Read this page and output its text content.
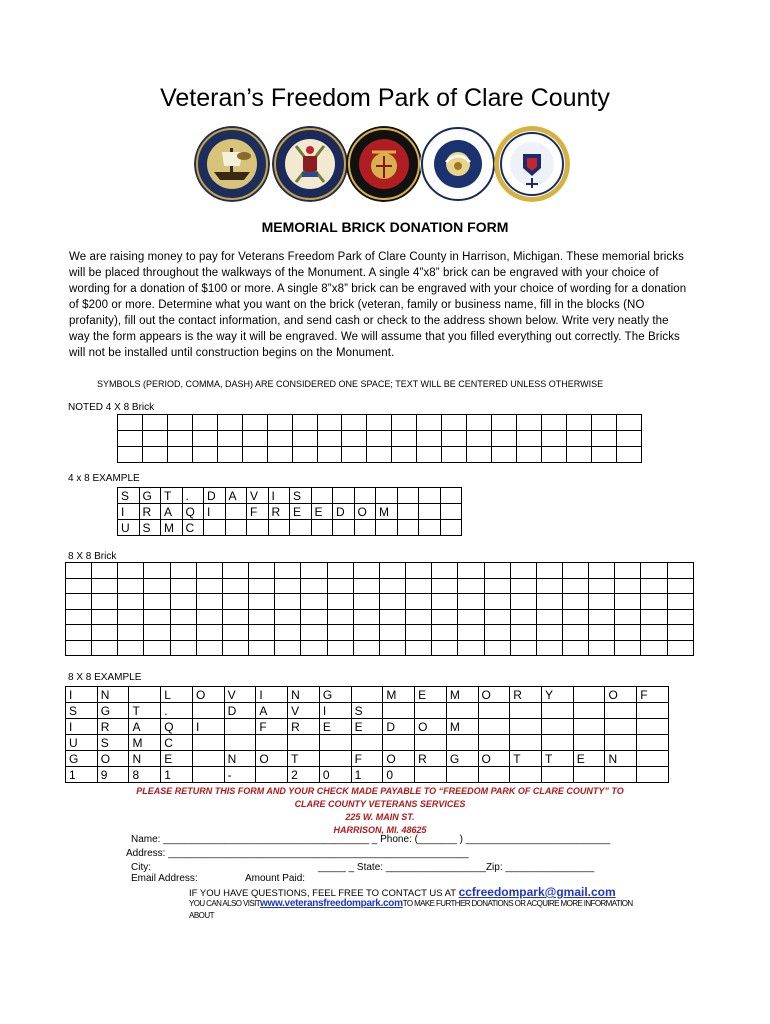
Veteran’s Freedom Park of Clare County
MEMORIAL BRICK DONATION FORM
We are raising money to pay for Veterans Freedom Park of Clare County in Harrison, Michigan. These memorial bricks will be placed throughout the walkways of the Monument. A single 4”x8” brick can be engraved with your choice of wording for a donation of $100 or more. A single 8”x8” brick can be engraved with your choice of wording for a donation of $200 or more. Determine what you want on the brick (veteran, family or business name, fill in the blocks (NO profanity), fill out the contact information, and send cash or check to the address shown below. Write very neatly the way the form appears is the way it will be engraved. We will assume that you filled everything out correctly. The Bricks will not be installed until construction begins on the Monument.
SYMBOLS (PERIOD, COMMA, DASH) ARE CONSIDERED ONE SPACE; TEXT WILL BE CENTERED UNLESS OTHERWISE
NOTED 4 X 8 Brick

4 x 8 EXAMPLE
S	G	T	.	D	A	V	I	S							
I	R	A	Q	I		F	R	E	E	D	O	M			
U	S	M	C												
8 X 8 Brick

8 X 8 EXAMPLE
I	N		L	O	V	I	N	G		M	E	M	O	R	Y		O	F
S	G	T	.		D	A	V	I	S									
I	R	A	Q	I		F	R	E	E	D	O	M						
U	S	M	C															
G	O	N	E		N	O	T		F	O	R	G	O	T	T	E	N	
1	9	8	1		-		2	0	1	0								
PLEASE RETURN THIS FORM AND YOUR CHECK MADE PAYABLE TO “FREEDOM PARK OF CLARE COUNTY” TO
CLARE COUNTY VETERANS SERVICES
225 W. MAIN ST.
HARRISON, MI. 48625
Name: _____________________________________ _ Phone: (_______ ) __________________________
Address: ______________________________________________________
City:	_____ _ State: __________________Zip: ________________
Email Address:	Amount Paid:
IF YOU HAVE QUESTIONS, FEEL FREE TO CONTACT US AT ccfreedompark@gmail.com
YOU CAN ALSO VISITwww.veteransfreedompark.comTO MAKE FURTHER DONATIONS OR ACQUIRE MORE INFORMATION
ABOUT
